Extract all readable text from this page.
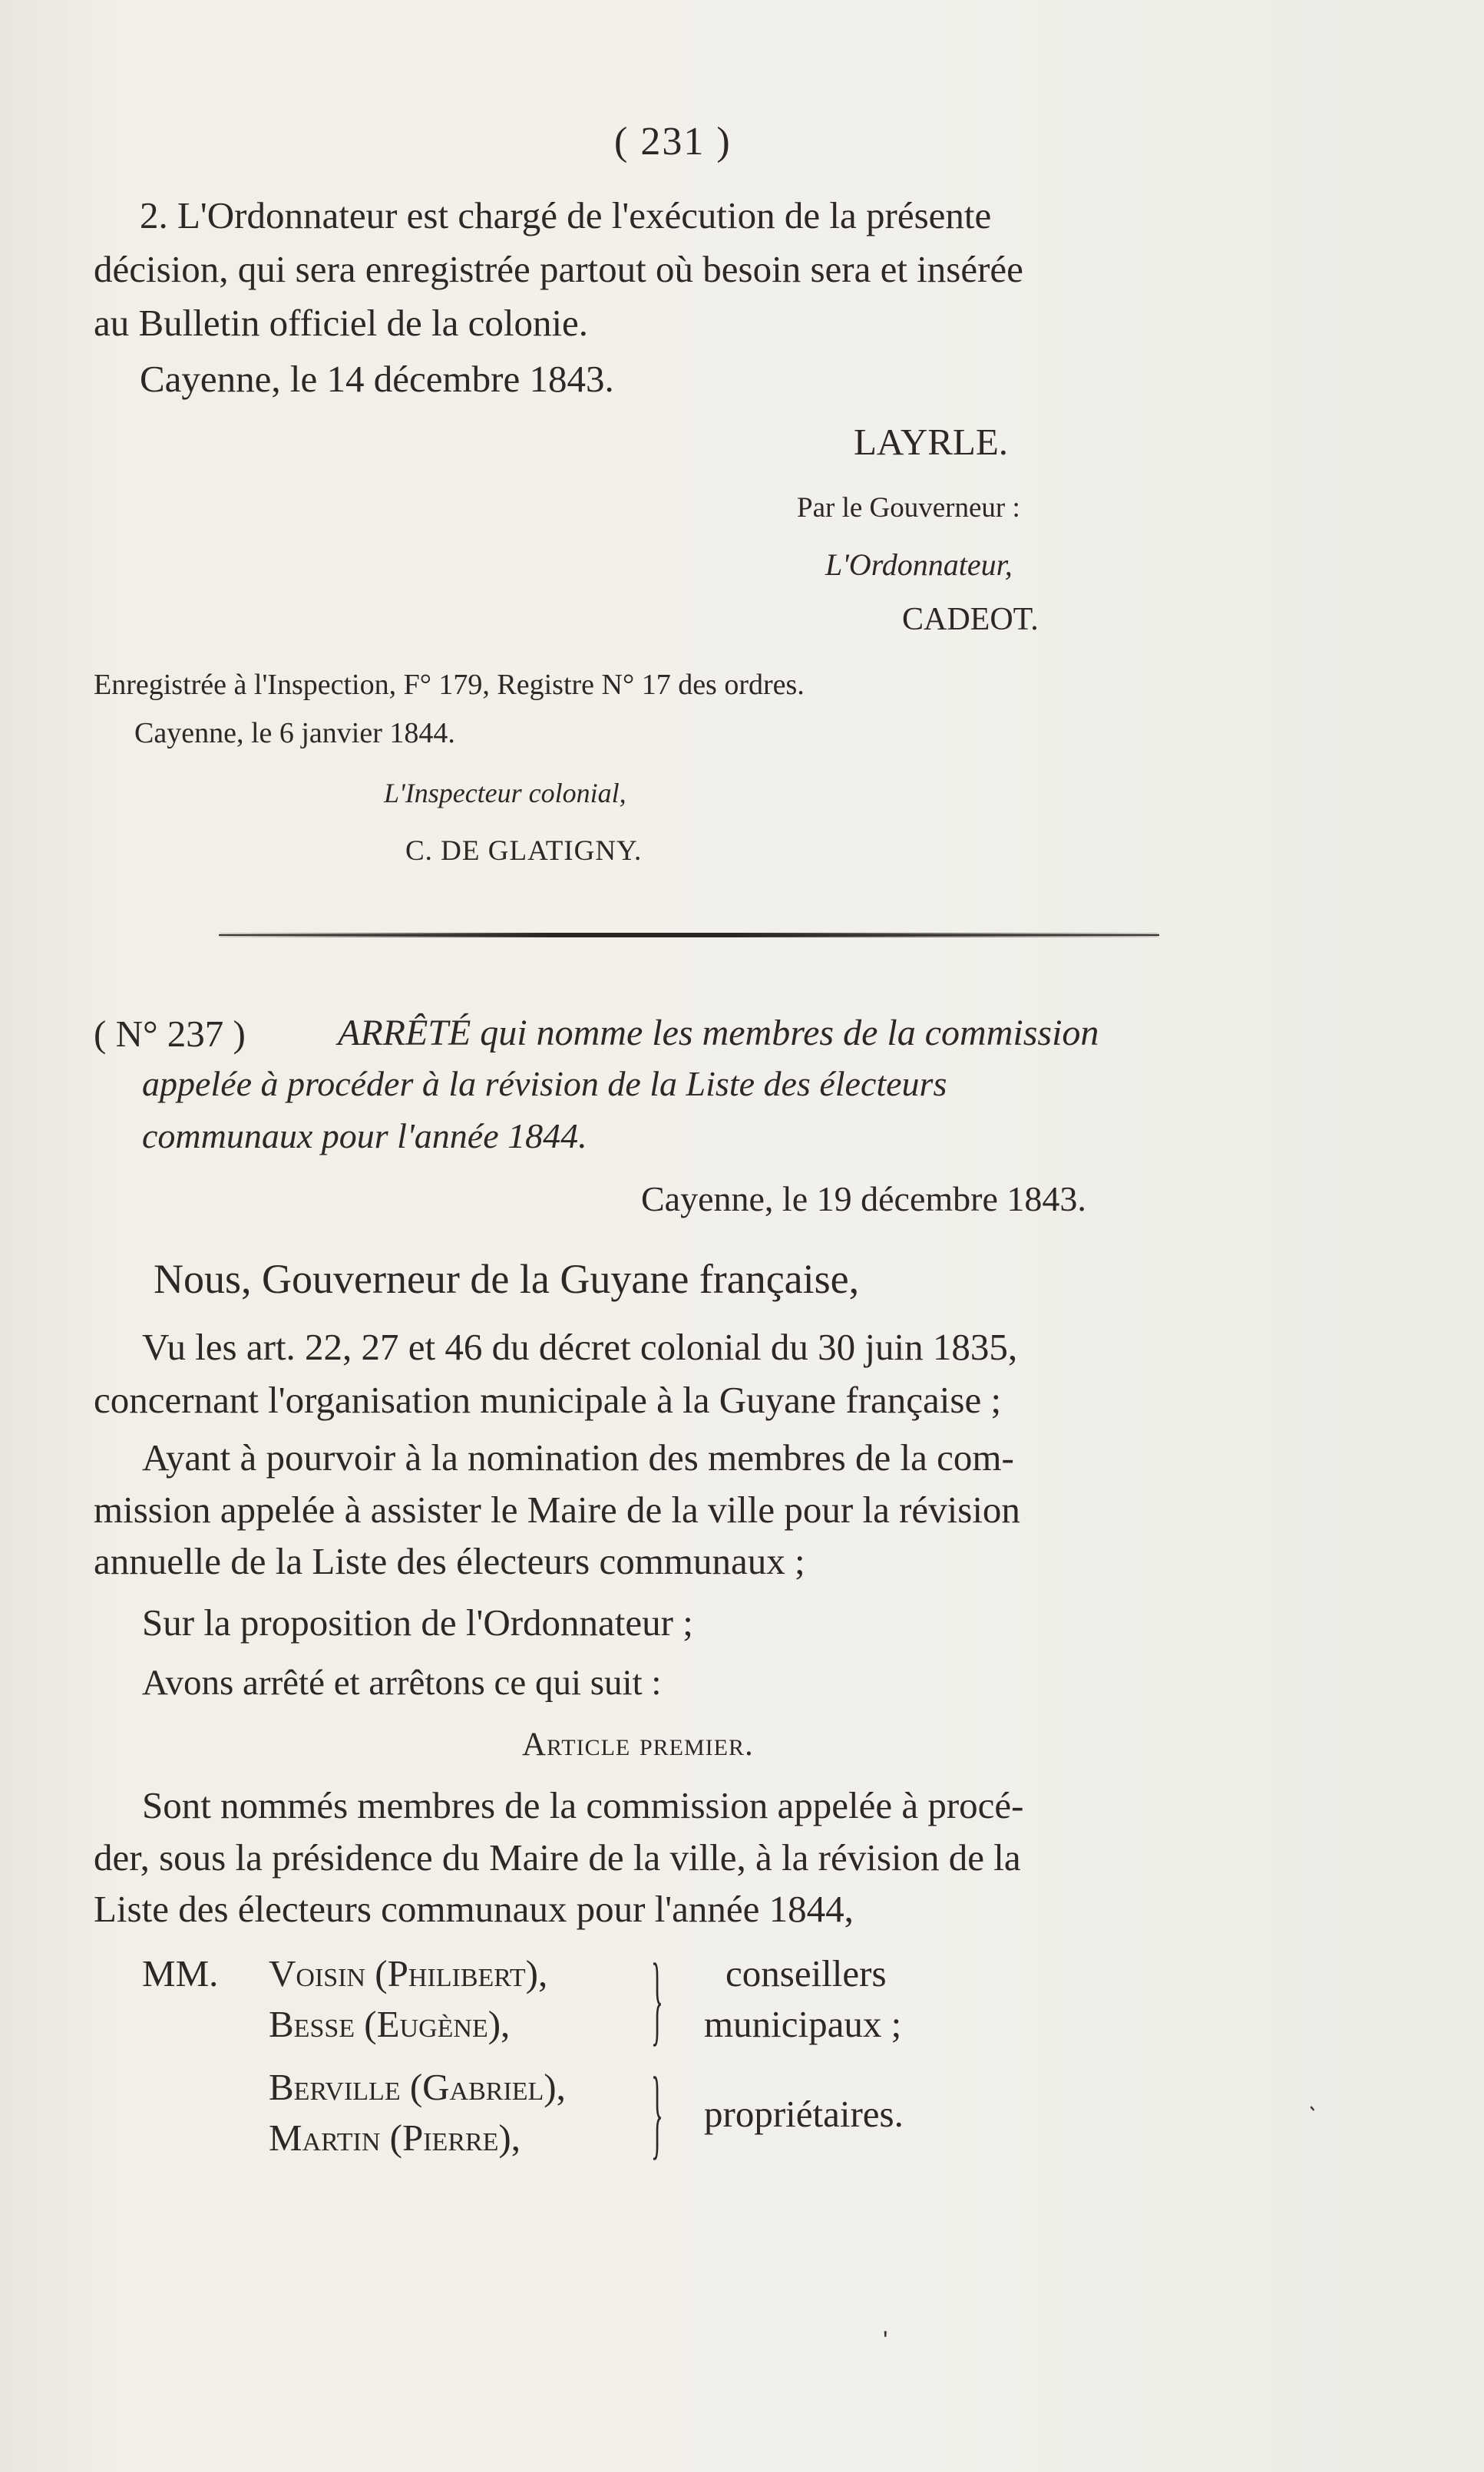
( 231 )
2. L'Ordonnateur est chargé de l'exécution de la présente
décision, qui sera enregistrée partout où besoin sera et insérée
au Bulletin officiel de la colonie.
Cayenne, le 14 décembre 1843.
LAYRLE.
Par le Gouverneur :
L'Ordonnateur,
CADEOT.
Enregistrée à l'Inspection, F° 179, Registre N° 17 des ordres.
Cayenne, le 6 janvier 1844.
L'Inspecteur colonial,
C. DE GLATIGNY.
( N° 237 )	ARRÊTÉ qui nomme les membres de la commission
appelée à procéder à la révision de la Liste des électeurs
communaux pour l'année 1844.
Cayenne, le 19 décembre 1843.
Nous, Gouverneur de la Guyane française,
Vu les art. 22, 27 et 46 du décret colonial du 30 juin 1835,
concernant l'organisation municipale à la Guyane française ;
Ayant à pourvoir à la nomination des membres de la com-
mission appelée à assister le Maire de la ville pour la révision
annuelle de la Liste des électeurs communaux ;
Sur la proposition de l'Ordonnateur ;
Avons arrêté et arrêtons ce qui suit :
Article premier.
Sont nommés membres de la commission appelée à procé-
der, sous la présidence du Maire de la ville, à la révision de la
Liste des électeurs communaux pour l'année 1844,
MM. Voisin (Philibert),
Besse (Eugène),
Berville (Gabriel),
Martin (Pierre),
}
}
conseillers
municipaux ;
propriétaires.	'
'
